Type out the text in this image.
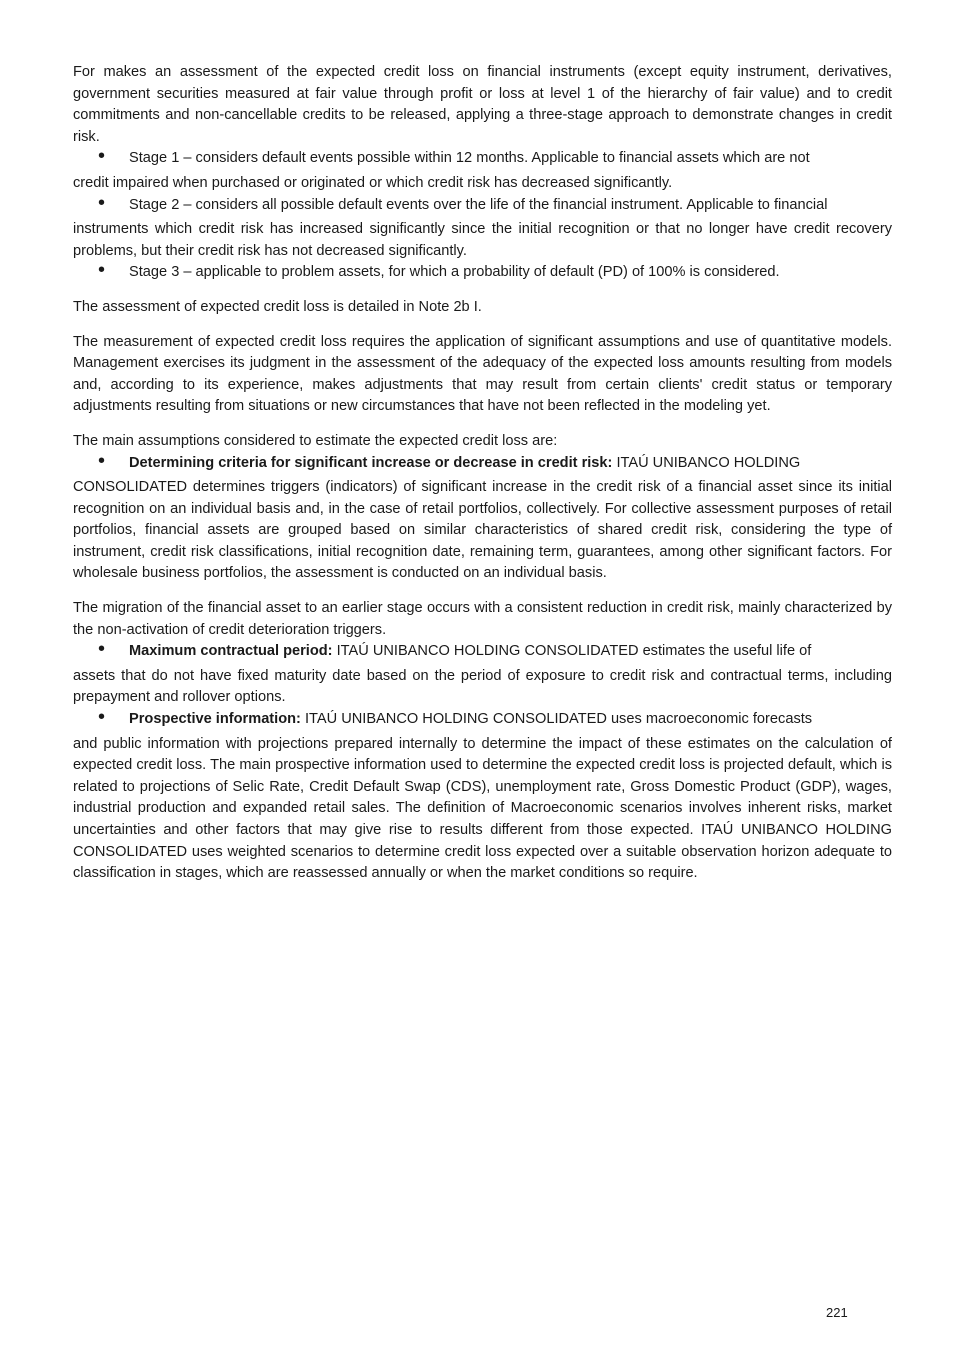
For makes an assessment of the expected credit loss on financial instruments (except equity instrument, derivatives, government securities measured at fair value through profit or loss at level 1 of the hierarchy of fair value) and to credit commitments and non-cancellable credits to be released, applying a three-stage approach to demonstrate changes in credit risk.

• Stage 1 – considers default events possible within 12 months. Applicable to financial assets which are not
credit impaired when purchased or originated or which credit risk has decreased significantly.
• Stage 2 – considers all possible default events over the life of the financial instrument. Applicable to financial
instruments which credit risk has increased significantly since the initial recognition or that no longer have credit recovery problems, but their credit risk has not decreased significantly.
• Stage 3 – applicable to problem assets, for which a probability of default (PD) of 100% is considered.

The assessment of expected credit loss is detailed in Note 2b I.

The measurement of expected credit loss requires the application of significant assumptions and use of quantitative models. Management exercises its judgment in the assessment of the adequacy of the expected loss amounts resulting from models and, according to its experience, makes adjustments that may result from certain clients' credit status or temporary adjustments resulting from situations or new circumstances that have not been reflected in the modeling yet.

The main assumptions considered to estimate the expected credit loss are:

• Determining criteria for significant increase or decrease in credit risk: ITAÚ UNIBANCO HOLDING
CONSOLIDATED determines triggers (indicators) of significant increase in the credit risk of a financial asset since its initial recognition on an individual basis and, in the case of retail portfolios, collectively. For collective assessment purposes of retail portfolios, financial assets are grouped based on similar characteristics of shared credit risk, considering the type of instrument, credit risk classifications, initial recognition date, remaining term, guarantees, among other significant factors. For wholesale business portfolios, the assessment is conducted on an individual basis.

The migration of the financial asset to an earlier stage occurs with a consistent reduction in credit risk, mainly characterized by the non-activation of credit deterioration triggers.

• Maximum contractual period: ITAÚ UNIBANCO HOLDING CONSOLIDATED estimates the useful life of
assets that do not have fixed maturity date based on the period of exposure to credit risk and contractual terms, including prepayment and rollover options.
• Prospective information: ITAÚ UNIBANCO HOLDING CONSOLIDATED uses macroeconomic forecasts
and public information with projections prepared internally to determine the impact of these estimates on the calculation of expected credit loss. The main prospective information used to determine the expected credit loss is projected default, which is related to projections of Selic Rate, Credit Default Swap (CDS), unemployment rate, Gross Domestic Product (GDP), wages, industrial production and expanded retail sales. The definition of Macroeconomic scenarios involves inherent risks, market uncertainties and other factors that may give rise to results different from those expected. ITAÚ UNIBANCO HOLDING CONSOLIDATED uses weighted scenarios to determine credit loss expected over a suitable observation horizon adequate to classification in stages, which are reassessed annually or when the market conditions so require.
221
